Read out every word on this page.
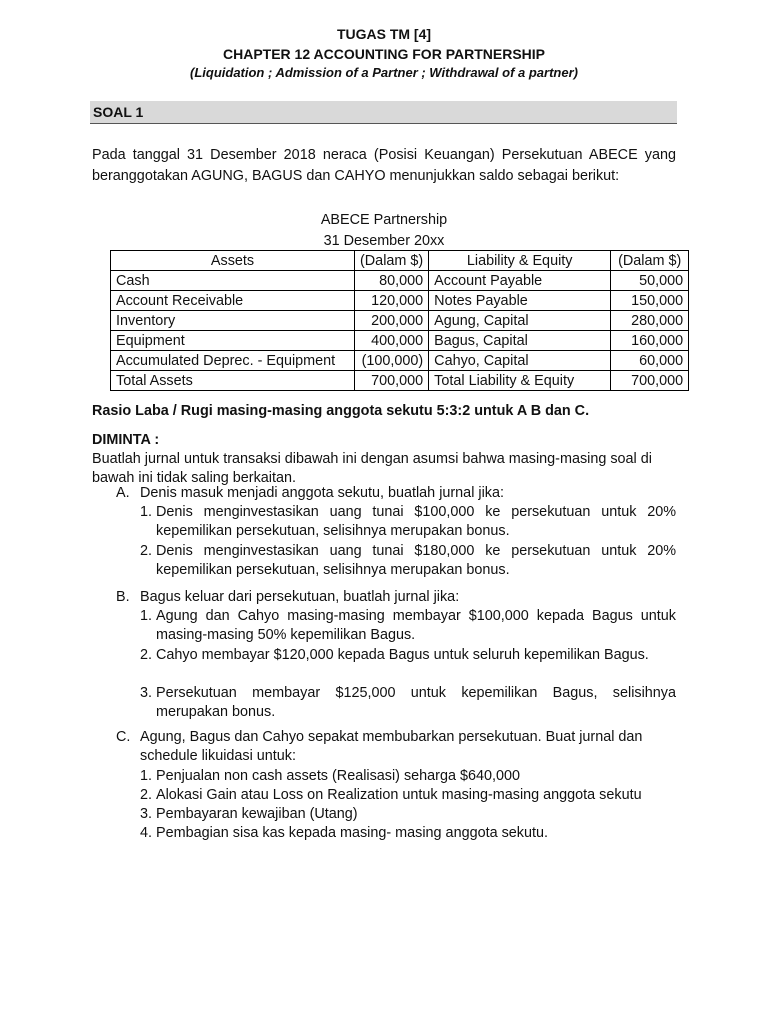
TUGAS TM [4]
CHAPTER 12 ACCOUNTING FOR PARTNERSHIP
(Liquidation ; Admission of a Partner ; Withdrawal of a partner)
SOAL 1
Pada tanggal 31 Desember 2018 neraca (Posisi Keuangan) Persekutuan ABECE yang beranggotakan AGUNG, BAGUS dan CAHYO menunjukkan saldo sebagai berikut:
ABECE Partnership
31 Desember 20xx
Assets	(Dalam $)	Liability & Equity	(Dalam $)
Cash	80,000	Account Payable	50,000
Account Receivable	120,000	Notes Payable	150,000
Inventory	200,000	Agung, Capital	280,000
Equipment	400,000	Bagus, Capital	160,000
Accumulated Deprec. - Equipment	(100,000)	Cahyo, Capital	60,000
Total Assets	700,000	Total Liability & Equity	700,000
Rasio Laba / Rugi masing-masing anggota sekutu 5:3:2 untuk A B dan C.
DIMINTA :
Buatlah jurnal untuk transaksi dibawah ini dengan asumsi bahwa masing-masing soal di bawah ini tidak saling berkaitan.
A. Denis masuk menjadi anggota sekutu, buatlah jurnal jika:
1. Denis menginvestasikan uang tunai $100,000 ke persekutuan untuk 20% kepemilikan persekutuan, selisihnya merupakan bonus.
2. Denis menginvestasikan uang tunai $180,000 ke persekutuan untuk 20% kepemilikan persekutuan, selisihnya merupakan bonus.
B. Bagus keluar dari persekutuan, buatlah jurnal jika:
1. Agung dan Cahyo masing-masing membayar $100,000 kepada Bagus untuk masing-masing 50% kepemilikan Bagus.
2. Cahyo membayar $120,000 kepada Bagus untuk seluruh kepemilikan Bagus.
3. Persekutuan membayar $125,000 untuk kepemilikan Bagus, selisihnya merupakan bonus.
C. Agung, Bagus dan Cahyo sepakat membubarkan persekutuan. Buat jurnal dan schedule likuidasi untuk:
1. Penjualan non cash assets (Realisasi) seharga $640,000
2. Alokasi Gain atau Loss on Realization untuk masing-masing anggota sekutu
3. Pembayaran kewajiban (Utang)
4. Pembagian sisa kas kepada masing- masing anggota sekutu.
